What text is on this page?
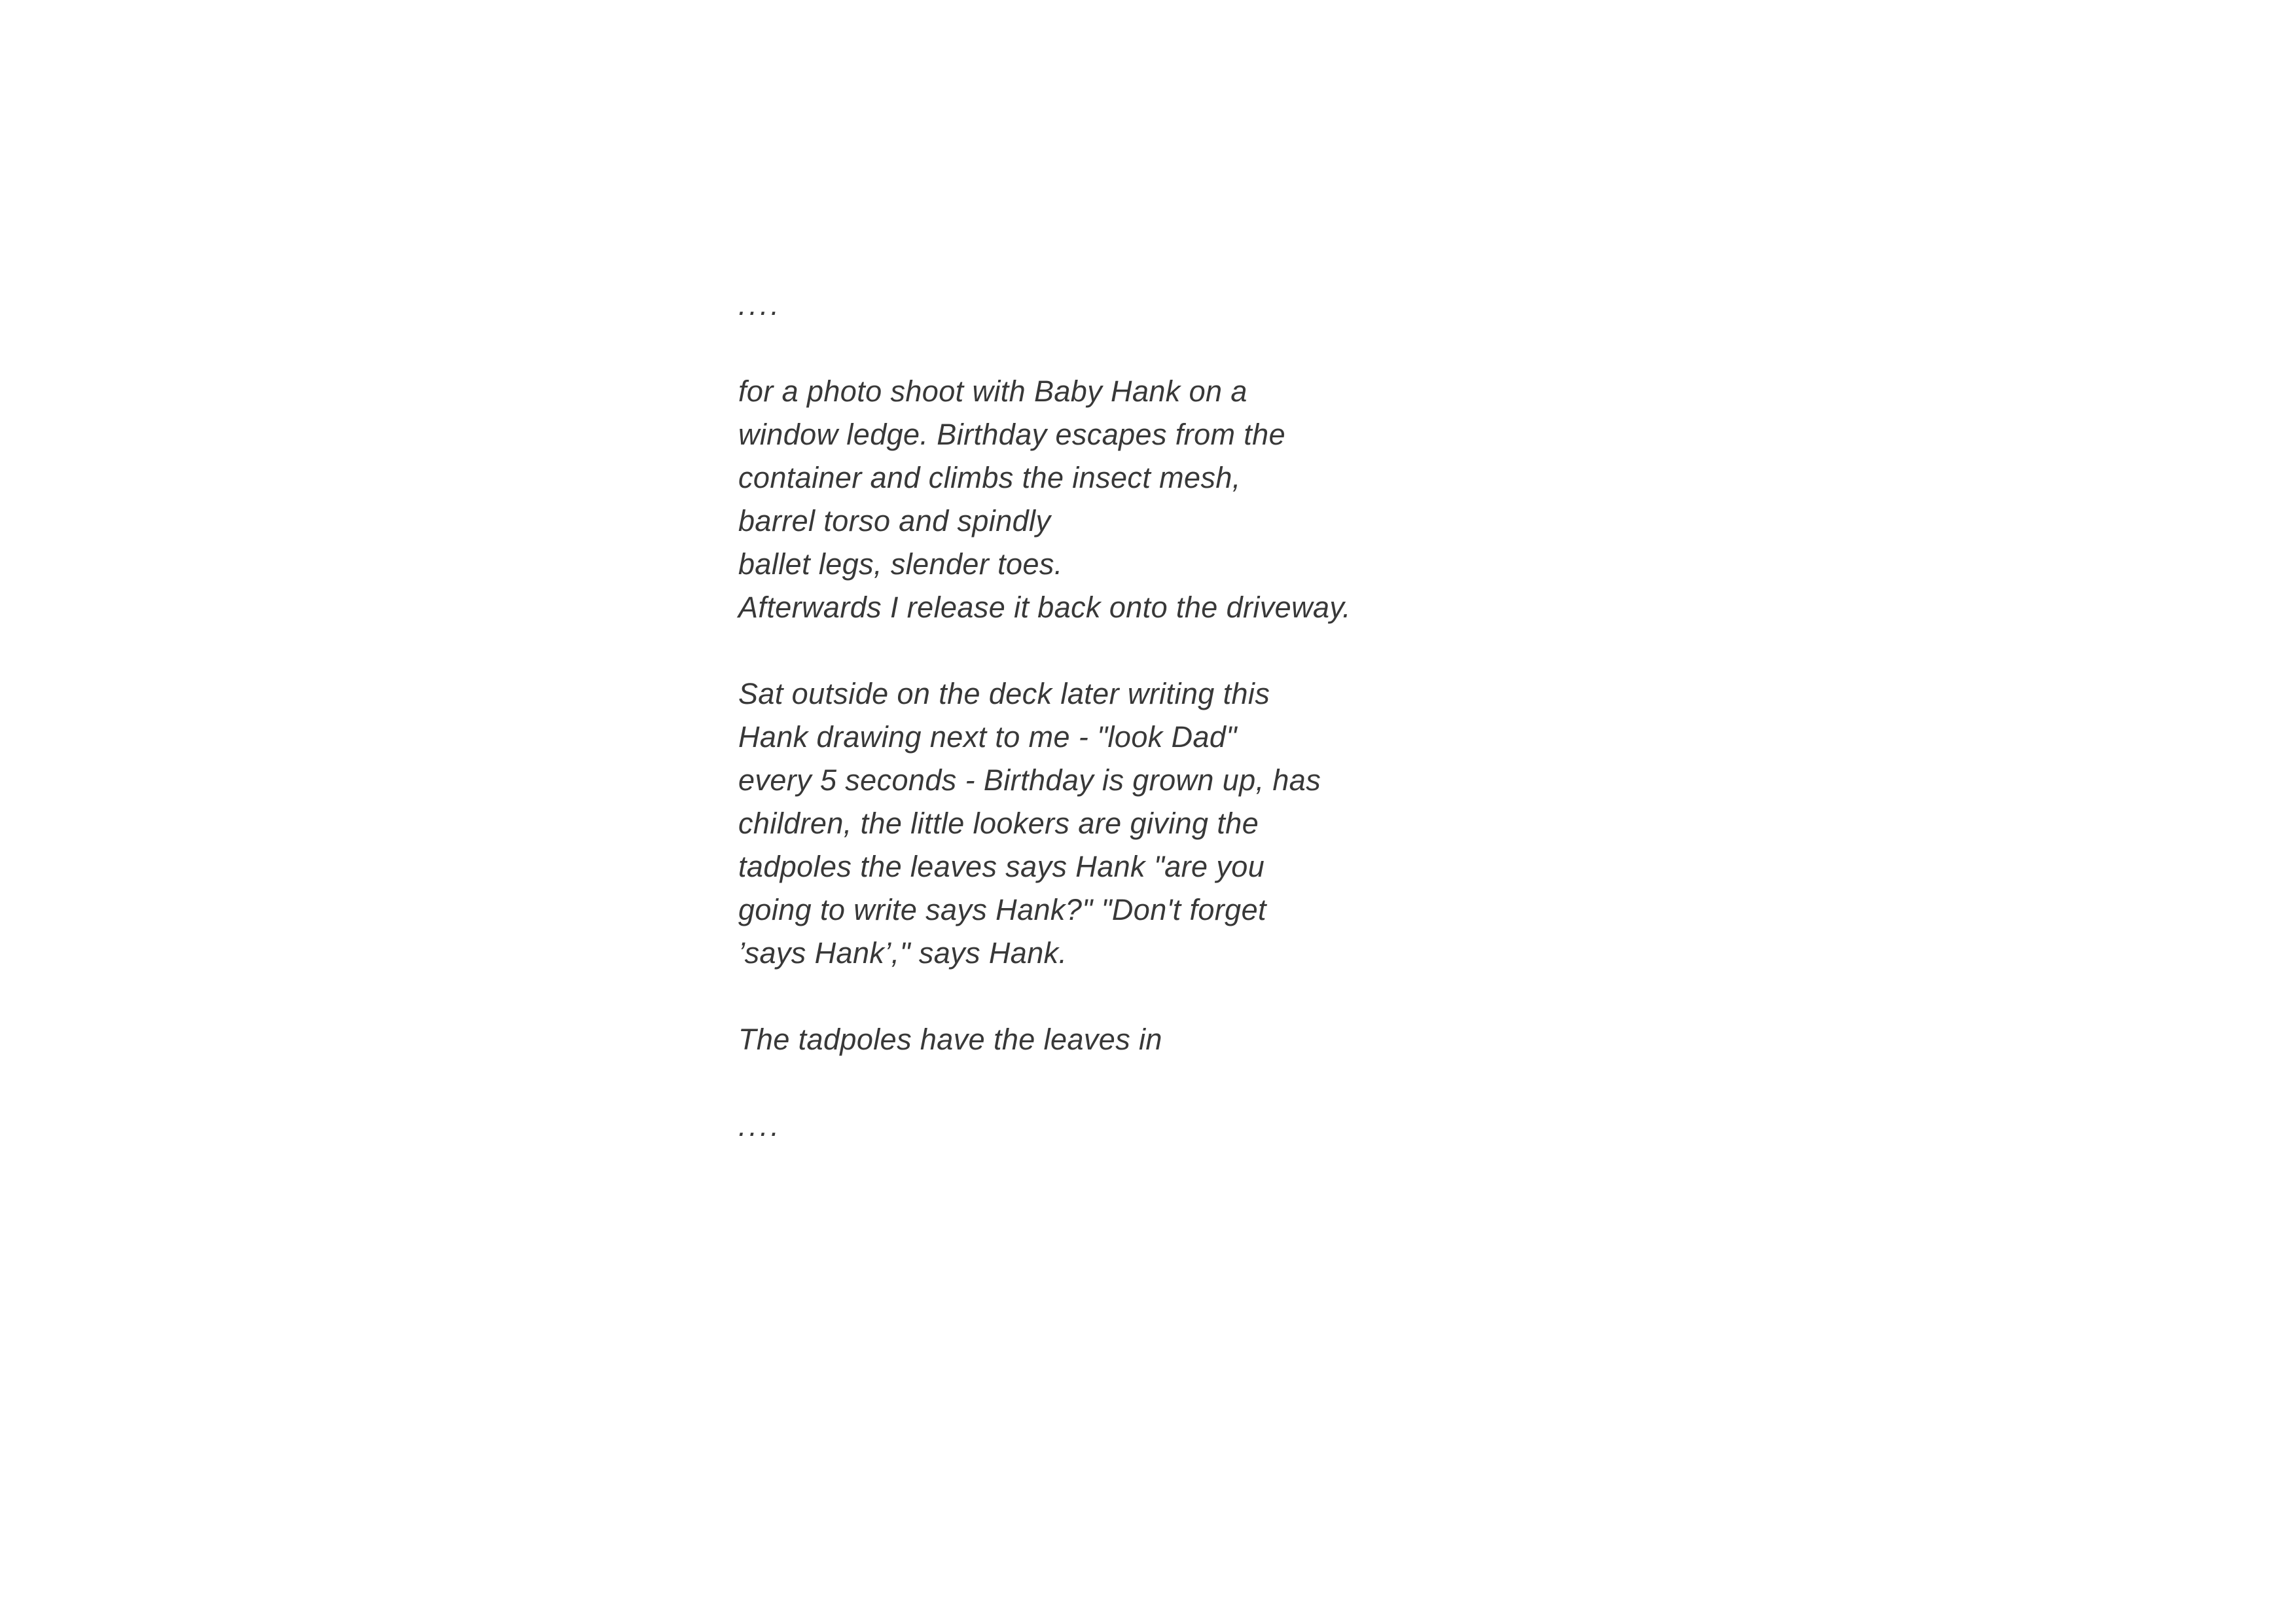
....

for a photo shoot with Baby Hank on a

window ledge. Birthday escapes from the

container and climbs the insect mesh,

barrel torso and spindly

ballet legs, slender toes.

Afterwards I release it back onto the driveway.

Sat outside on the deck later writing this

Hank drawing next to me - "look Dad"

every 5 seconds - Birthday is grown up, has

children, the little lookers are giving the

tadpoles the leaves says Hank "are you

going to write says Hank?" "Don't forget

’says Hank’," says Hank.

The tadpoles have the leaves in

....
